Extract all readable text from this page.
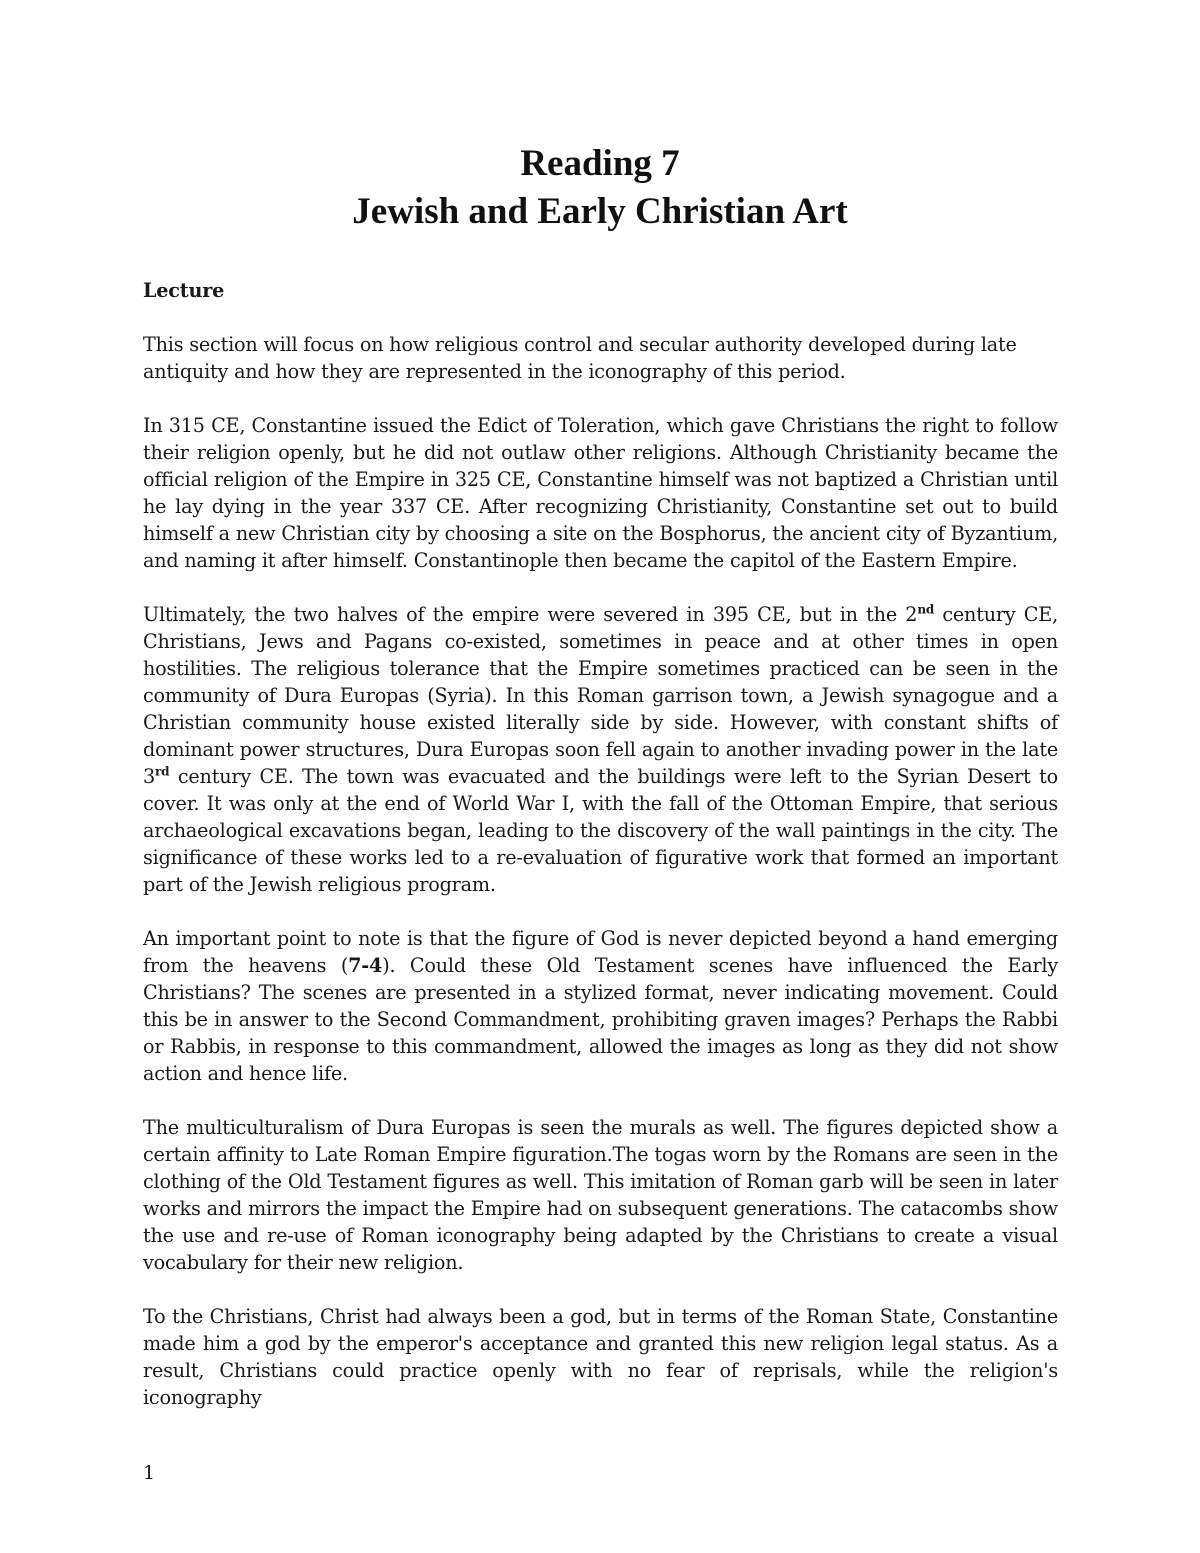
Reading 7
Jewish and Early Christian Art
Lecture

This section will focus on how religious control and secular authority developed during late antiquity and how they are represented in the iconography of this period.

In 315 CE, Constantine issued the Edict of Toleration, which gave Christians the right to follow their religion openly, but he did not outlaw other religions. Although Christianity became the official religion of the Empire in 325 CE, Constantine himself was not baptized a Christian until he lay dying in the year 337 CE. After recognizing Christianity, Constantine set out to build himself a new Christian city by choosing a site on the Bosphorus, the ancient city of Byzantium, and naming it after himself. Constantinople then became the capitol of the Eastern Empire.

Ultimately, the two halves of the empire were severed in 395 CE, but in the 2nd century CE, Christians, Jews and Pagans co-existed, sometimes in peace and at other times in open hostilities. The religious tolerance that the Empire sometimes practiced can be seen in the community of Dura Europas (Syria). In this Roman garrison town, a Jewish synagogue and a Christian community house existed literally side by side. However, with constant shifts of dominant power structures, Dura Europas soon fell again to another invading power in the late 3rd century CE. The town was evacuated and the buildings were left to the Syrian Desert to cover. It was only at the end of World War I, with the fall of the Ottoman Empire, that serious archaeological excavations began, leading to the discovery of the wall paintings in the city. The significance of these works led to a re-evaluation of figurative work that formed an important part of the Jewish religious program.

An important point to note is that the figure of God is never depicted beyond a hand emerging from the heavens (7-4). Could these Old Testament scenes have influenced the Early Christians? The scenes are presented in a stylized format, never indicating movement. Could this be in answer to the Second Commandment, prohibiting graven images? Perhaps the Rabbi or Rabbis, in response to this commandment, allowed the images as long as they did not show action and hence life.

The multiculturalism of Dura Europas is seen the murals as well. The figures depicted show a certain affinity to Late Roman Empire figuration.The togas worn by the Romans are seen in the clothing of the Old Testament figures as well. This imitation of Roman garb will be seen in later works and mirrors the impact the Empire had on subsequent generations. The catacombs show the use and re-use of Roman iconography being adapted by the Christians to create a visual vocabulary for their new religion.

To the Christians, Christ had always been a god, but in terms of the Roman State, Constantine made him a god by the emperor's acceptance and granted this new religion legal status. As a result, Christians could practice openly with no fear of reprisals, while the religion's iconography

1
